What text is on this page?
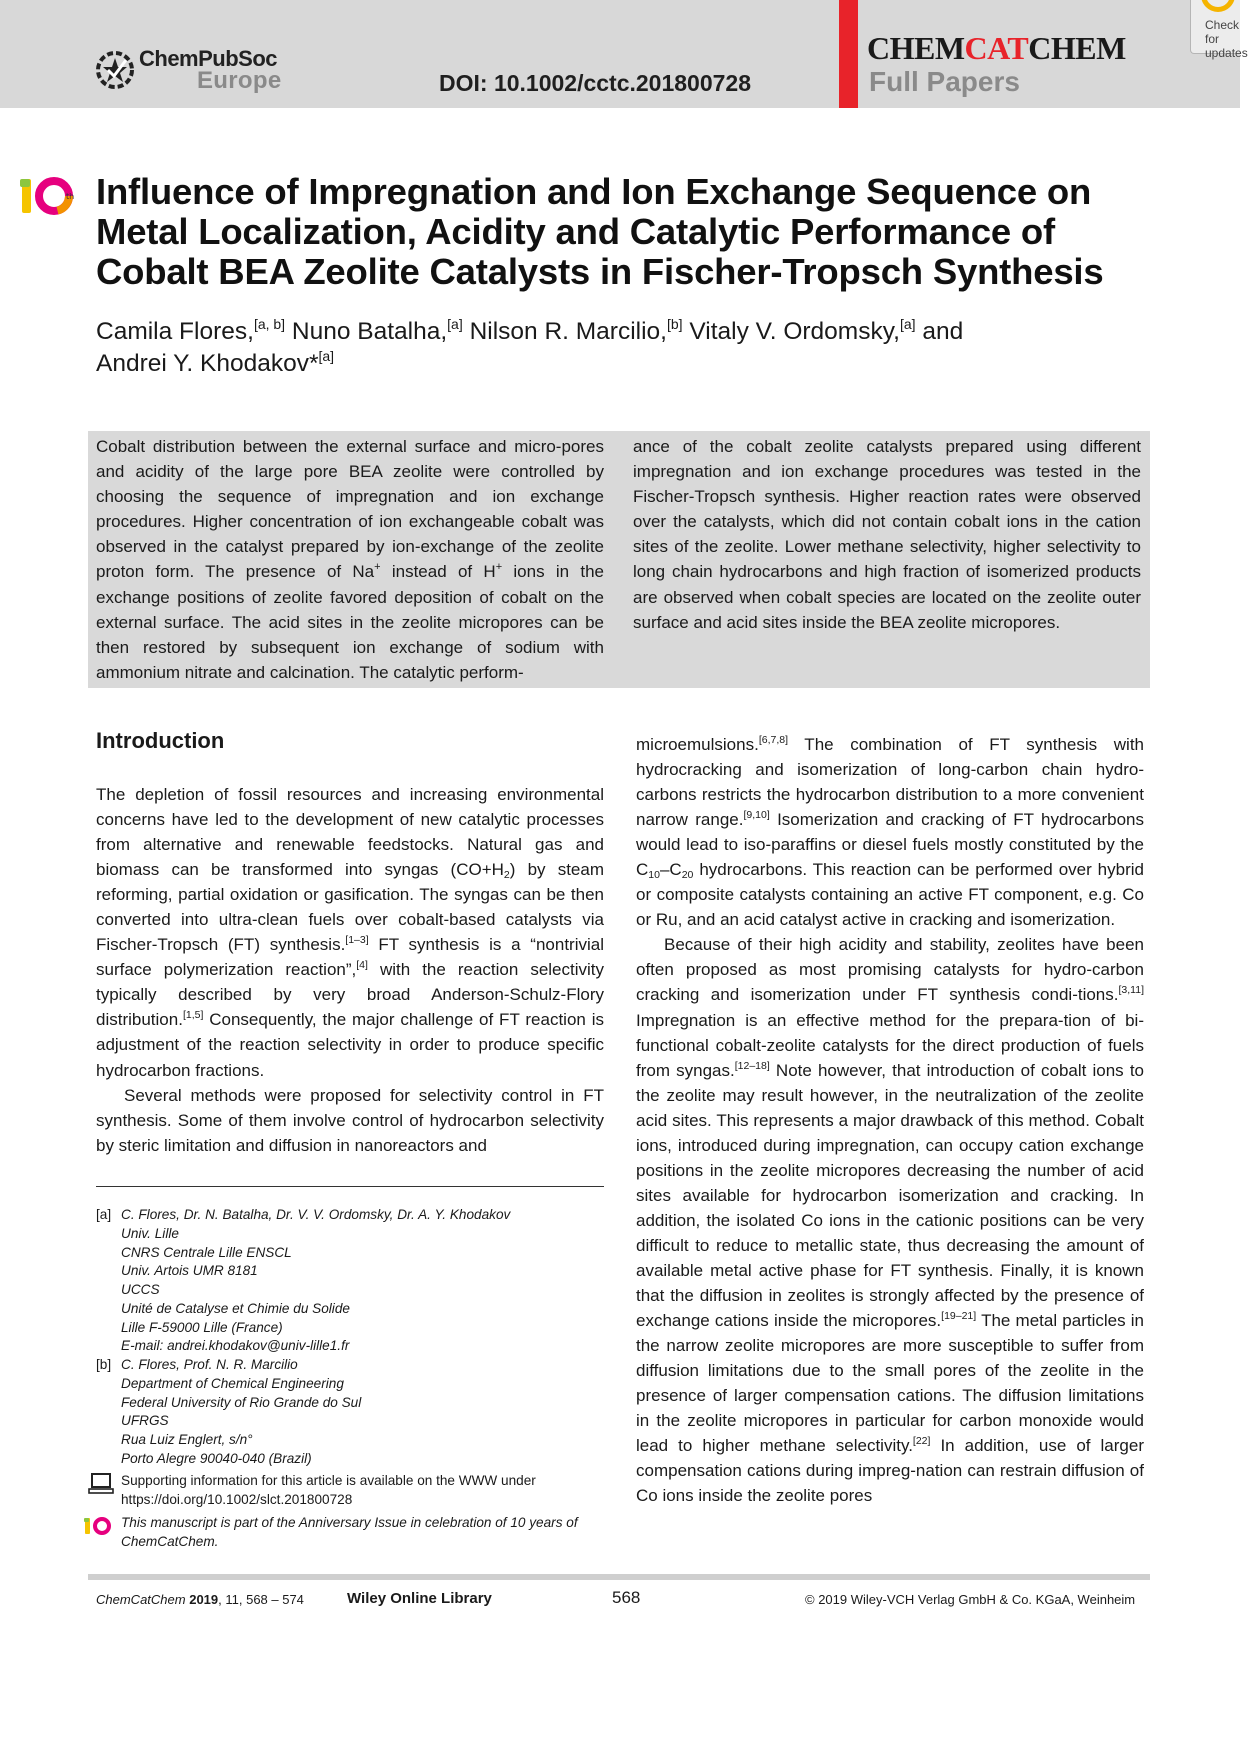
ChemPubSoc
Europe	DOI: 10.1002/cctc.201800728
CHEMCATCHEM
Full Papers
Check for updates
th Influence of Impregnation and Ion Exchange Sequence on Metal Localization, Acidity and Catalytic Performance of Cobalt BEA Zeolite Catalysts in Fischer-Tropsch Synthesis
Camila Flores,[a, b] Nuno Batalha,[a] Nilson R. Marcilio,[b] Vitaly V. Ordomsky,[a] and
Andrei Y. Khodakov*[a]

Cobalt distribution between the external surface and micro-pores and acidity of the large pore BEA zeolite were controlled by choosing the sequence of impregnation and ion exchange procedures. Higher concentration of ion exchangeable cobalt was observed in the catalyst prepared by ion-exchange of the zeolite proton form. The presence of Na+ instead of H+ ions in the exchange positions of zeolite favored deposition of cobalt on the external surface. The acid sites in the zeolite micropores can be then restored by subsequent ion exchange of sodium with ammonium nitrate and calcination. The catalytic perform-

ance of the cobalt zeolite catalysts prepared using different impregnation and ion exchange procedures was tested in the Fischer-Tropsch synthesis. Higher reaction rates were observed over the catalysts, which did not contain cobalt ions in the cation sites of the zeolite. Lower methane selectivity, higher selectivity to long chain hydrocarbons and high fraction of isomerized products are observed when cobalt species are located on the zeolite outer surface and acid sites inside the BEA zeolite micropores.

Introduction

The depletion of fossil resources and increasing environmental concerns have led to the development of new catalytic processes from alternative and renewable feedstocks. Natural gas and biomass can be transformed into syngas $(CO+H_2)$ by steam reforming, partial oxidation or gasification. The syngas can be then converted into ultra-clean fuels over cobalt-based catalysts via Fischer-Tropsch (FT) synthesis.[1–3] FT synthesis is a “nontrivial surface polymerization reaction”,[4] with the reaction selectivity typically described by very broad Anderson-Schulz-Flory distribution.[1,5] Consequently, the major challenge of FT reaction is adjustment of the reaction selectivity in order to produce specific hydrocarbon fractions.

Several methods were proposed for selectivity control in FT synthesis. Some of them involve control of hydrocarbon selectivity by steric limitation and diffusion in nanoreactors and

microemulsions.[6,7,8] The combination of FT synthesis with hydrocracking and isomerization of long-carbon chain hydro-carbons restricts the hydrocarbon distribution to a more convenient narrow range.[9,10] Isomerization and cracking of FT hydrocarbons would lead to iso-paraffins or diesel fuels mostly constituted by the $C_{10}-C_{20}$ hydrocarbons. This reaction can be performed over hybrid or composite catalysts containing an active FT component, e.g. Co or Ru, and an acid catalyst active in cracking and isomerization.

Because of their high acidity and stability, zeolites have been often proposed as most promising catalysts for hydro-carbon cracking and isomerization under FT synthesis condi-tions.[3,11] Impregnation is an effective method for the prepara-tion of bi-functional cobalt-zeolite catalysts for the direct production of fuels from syngas.[12–18] Note however, that introduction of cobalt ions to the zeolite may result however, in the neutralization of the zeolite acid sites. This represents a major drawback of this method. Cobalt ions, introduced during impregnation, can occupy cation exchange positions in the zeolite micropores decreasing the number of acid sites available for hydrocarbon isomerization and cracking. In addition, the isolated Co ions in the cationic positions can be very difficult to reduce to metallic state, thus decreasing the amount of available metal active phase for FT synthesis. Finally, it is known that the diffusion in zeolites is strongly affected by the presence of exchange cations inside the micropores.[19–21] The metal particles in the narrow zeolite micropores are more susceptible to suffer from diffusion limitations due to the small pores of the zeolite in the presence of larger compensation cations. The diffusion limitations in the zeolite micropores in particular for carbon monoxide would lead to higher methane selectivity.[22] In addition, use of larger compensation cations during impreg-nation can restrain diffusion of Co ions inside the zeolite pores

[a] C. Flores, Dr. N. Batalha, Dr. V. V. Ordomsky, Dr. A. Y. Khodakov
Univ. Lille
CNRS Centrale Lille ENSCL
Univ. Artois UMR 8181
UCCS
Unité de Catalyse et Chimie du Solide
Lille F-59000 Lille (France)
E-mail: andrei.khodakov@univ-lille1.fr
[b] C. Flores, Prof. N. R. Marcilio
Department of Chemical Engineering
Federal University of Rio Grande do Sul
UFRGS
Rua Luiz Englert, s/n°
Porto Alegre 90040-040 (Brazil)
Supporting information for this article is available on the WWW under https://doi.org/10.1002/slct.201800728
This manuscript is part of the Anniversary Issue in celebration of 10 years of ChemCatChem.
ChemCatChem 2019, 11, 568 – 574	Wiley Online Library	568	© 2019 Wiley-VCH Verlag GmbH & Co. KGaA, Weinheim
